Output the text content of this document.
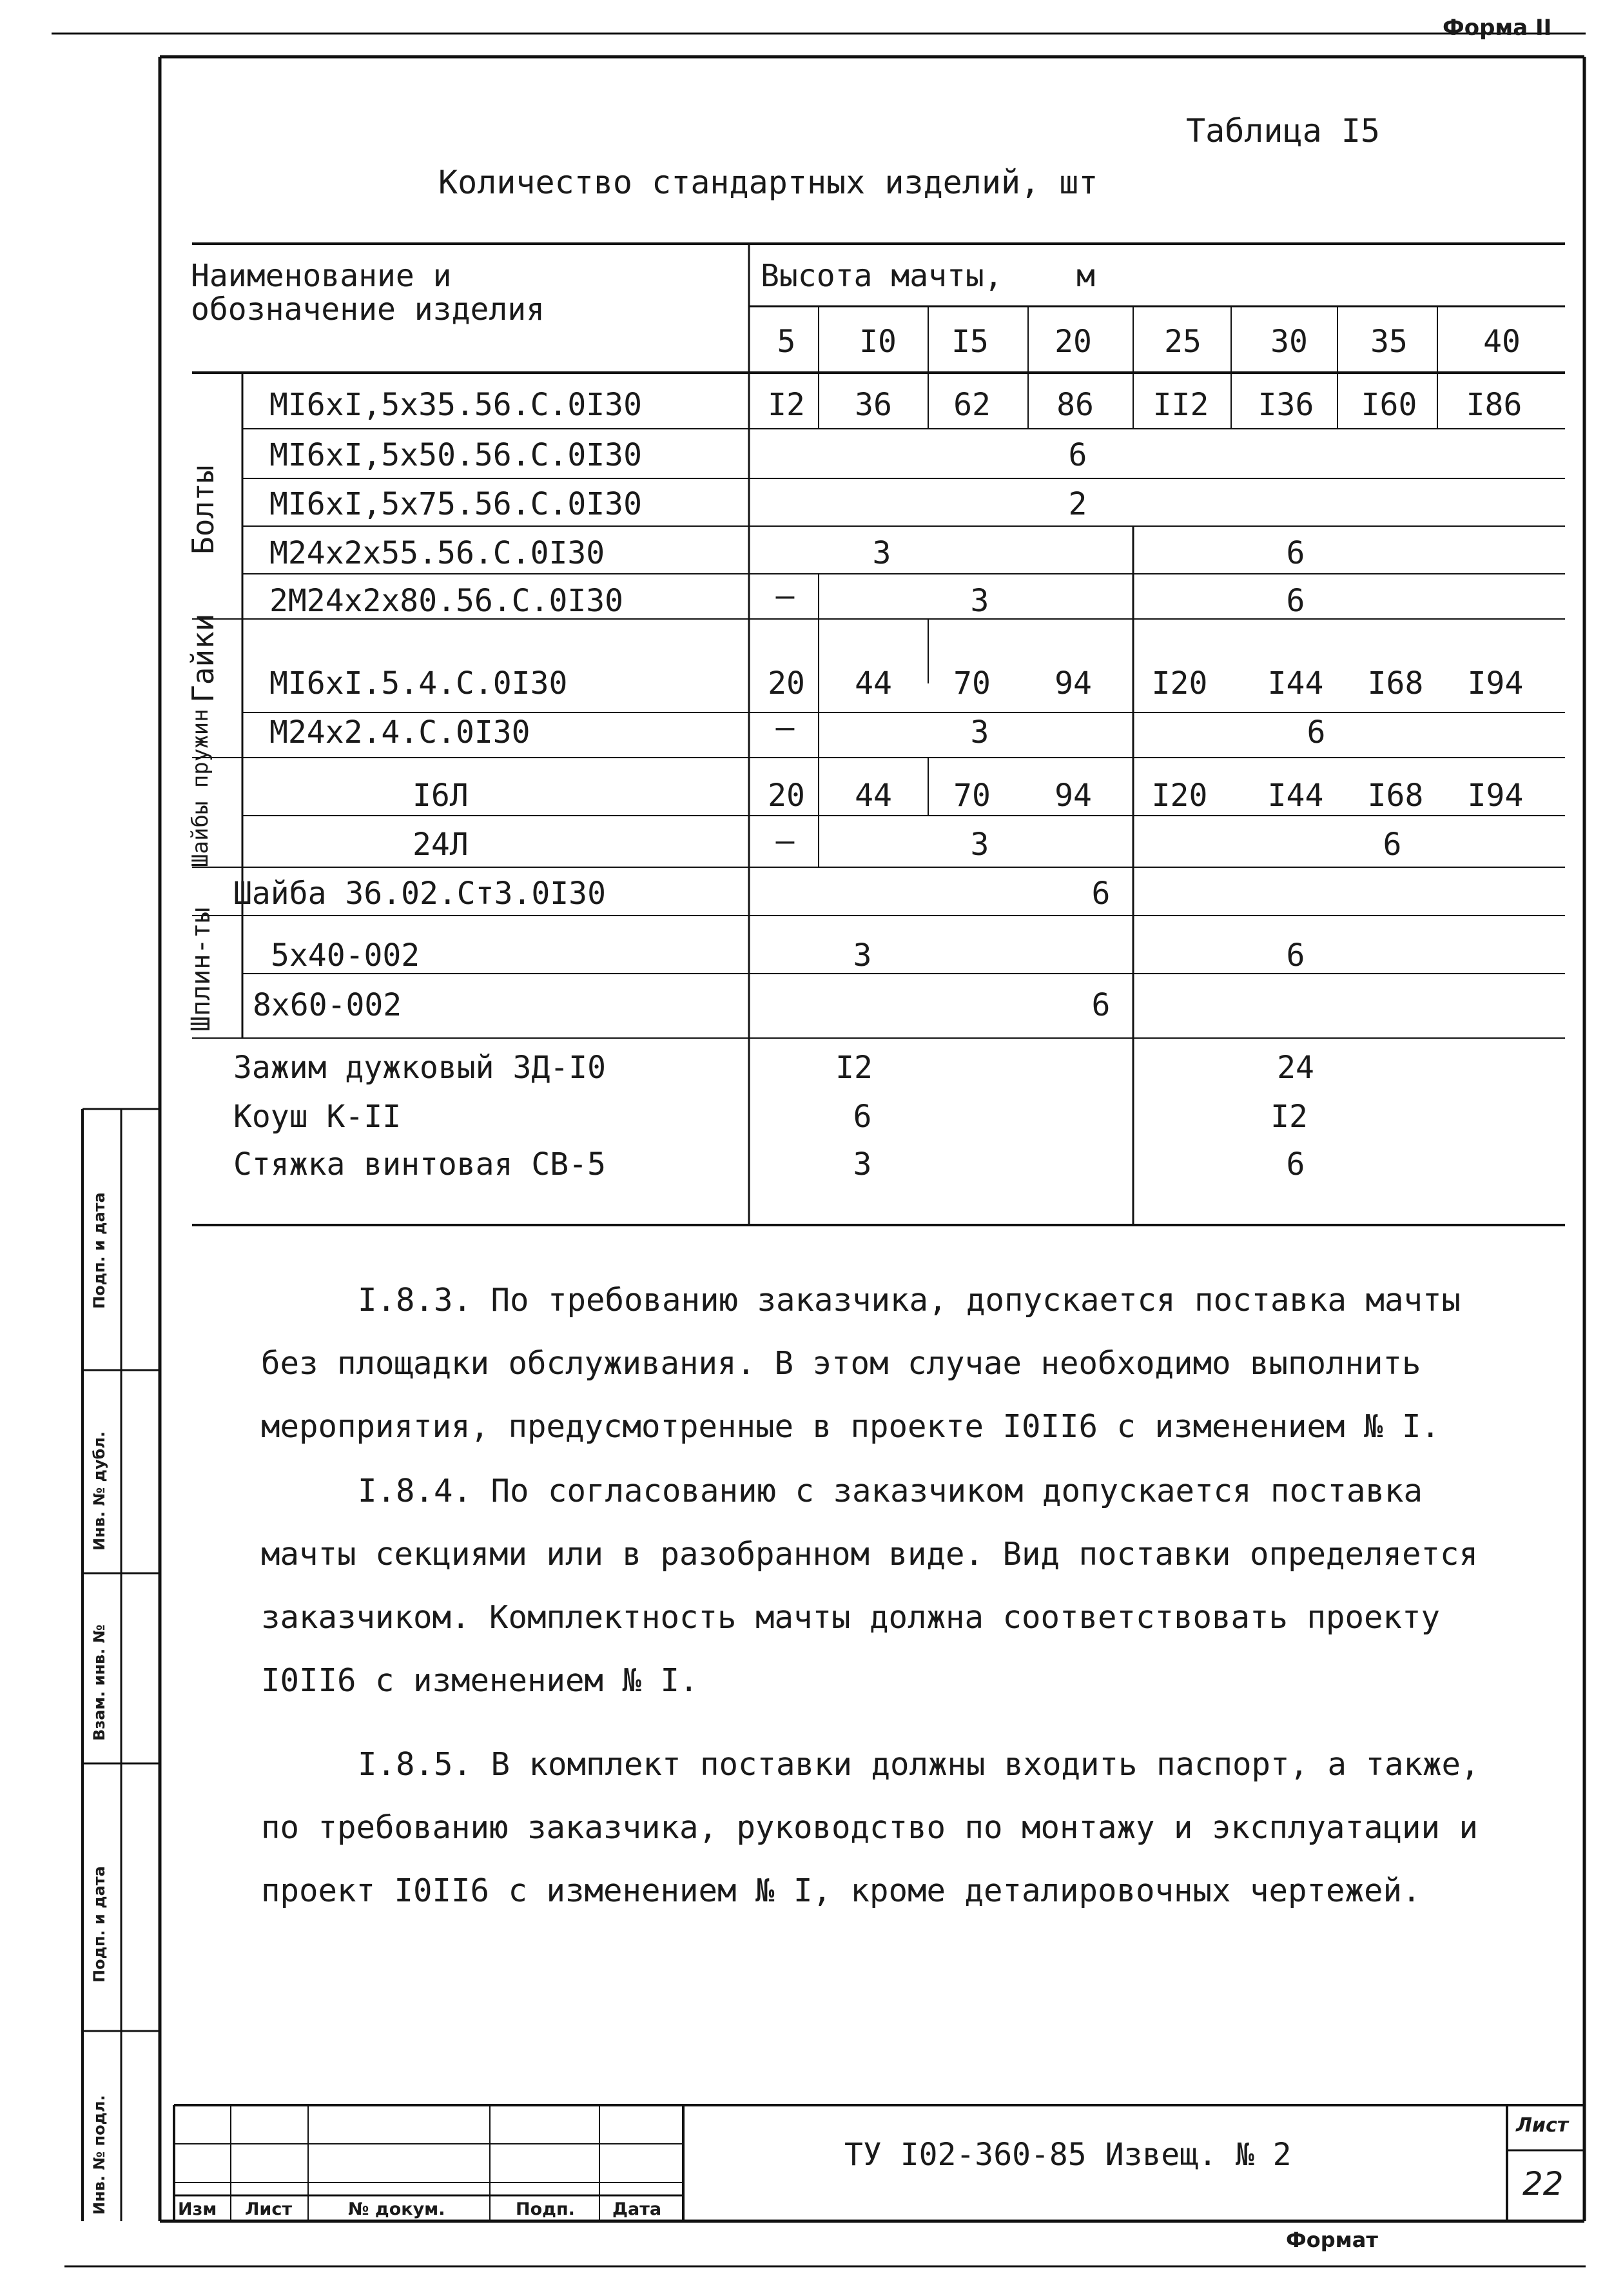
Форма II
Таблица I5
Количество стандартных изделий, шт
Наименование и
обозначение изделия
Высота мачты, м
5 I0 I5 20 25 30 35 40
Болты
Гайки
Шайбы пружин
Шплин-ты
MI6xI,5x35.56.C.0I30	I2 36 62 86 II2 I36 I60 I86
MI6xI,5x50.56.C.0I30	6
MI6xI,5x75.56.C.0I30	2
M24x2x55.56.C.0I30	3	6
2M24x2x80.56.C.0I30	–	3	6
MI6xI.5.4.C.0I30	20 44 70 94 I20 I44 I68 I94
M24x2.4.C.0I30	–	3	6
I6Л	20 44 70 94 I20 I44 I68 I94
24Л	–	3	6
Шайба 36.02.Ст3.0I30	6
5x40-002	3	6
8x60-002	6
Зажим дужковый ЗД-I0	I2	24
Коуш К-II	6	I2
Стяжка винтовая СВ-5	3	6
I.8.3. По требованию заказчика, допускается поставка мачты
без площадки обслуживания. В этом случае необходимо выполнить
мероприятия, предусмотренные в проекте I0II6 с изменением № I.
I.8.4. По согласованию с заказчиком допускается поставка
мачты секциями или в разобранном виде. Вид поставки определяется
заказчиком. Комплектность мачты должна соответствовать проекту
I0II6 с изменением № I.
I.8.5. В комплект поставки должны входить паспорт, а также,
по требованию заказчика, руководство по монтажу и эксплуатации и
проект I0II6 с изменением № I, кроме деталировочных чертежей.
Подп. и дата
Инв. № дубл.
Взам. инв. №
Подп. и дата
Инв. № подл.	ТУ I02-360-85 Извещ. № 2
Лист
22
Изм Лист	№ докум.	Подп. Дата
Формат
